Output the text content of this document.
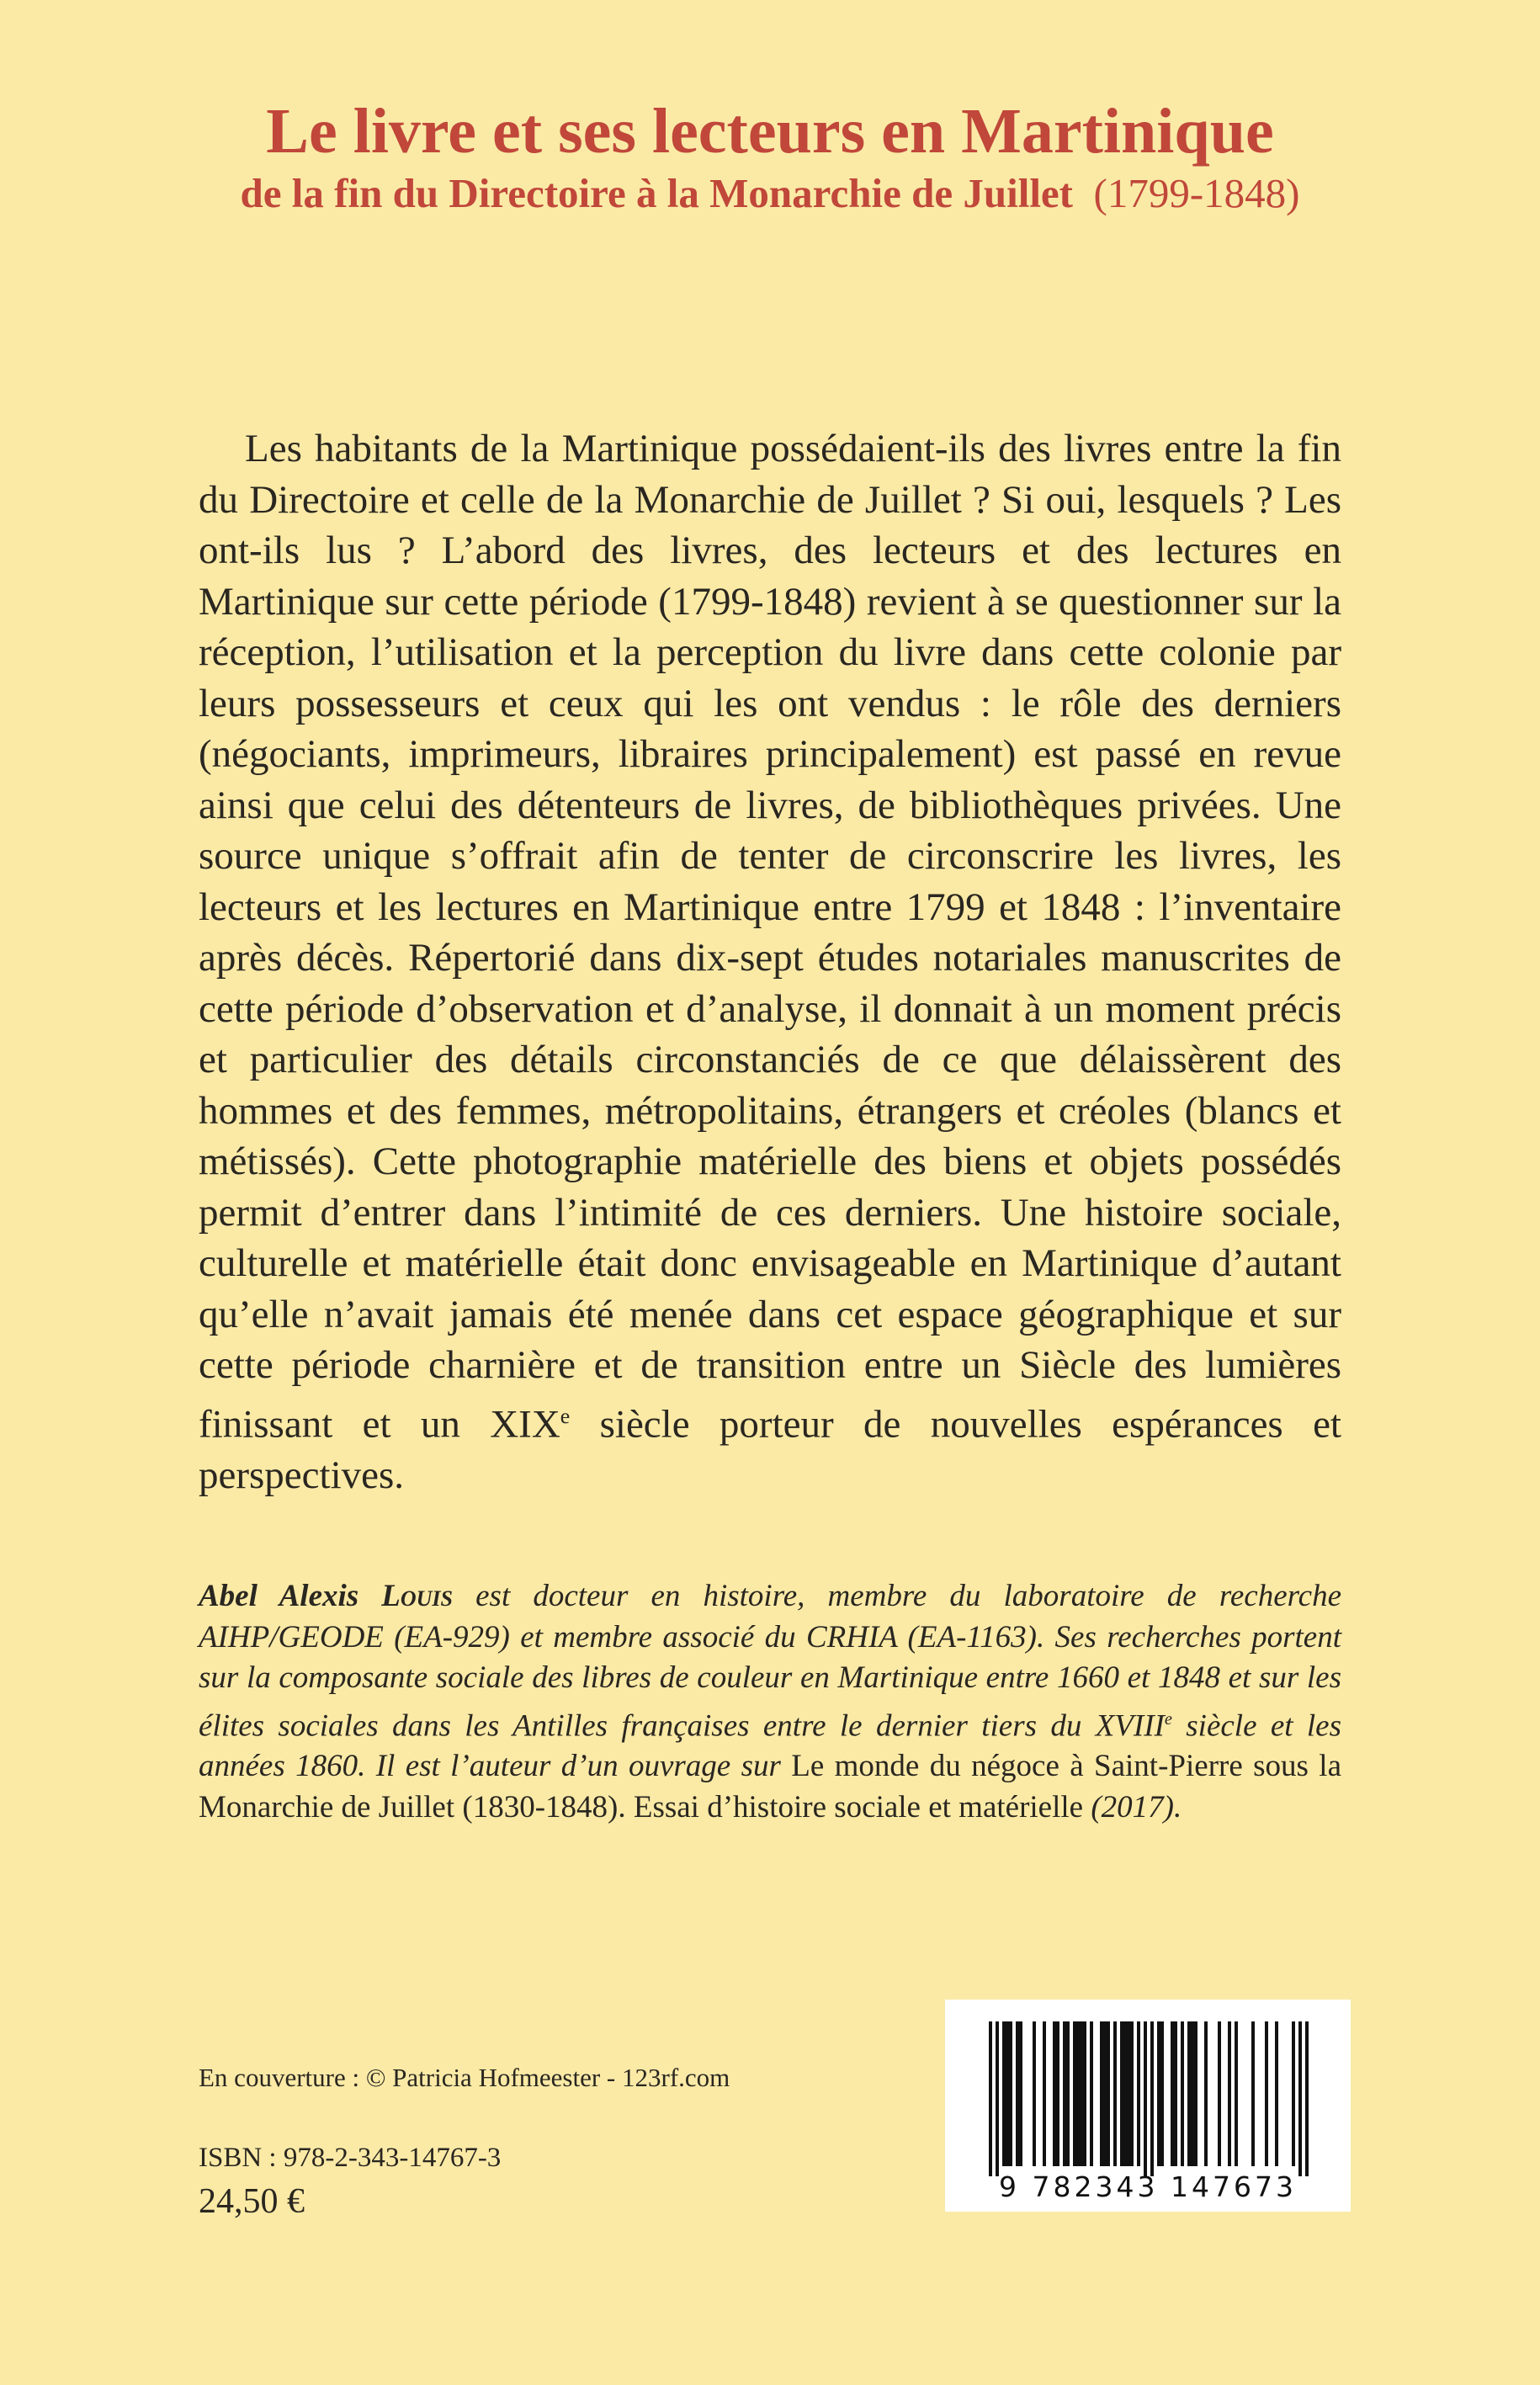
Le livre et ses lecteurs en Martinique
de la fin du Directoire à la Monarchie de Juillet (1799-1848)

Les habitants de la Martinique possédaient-ils des livres entre la fin du Directoire et celle de la Monarchie de Juillet ? Si oui, lesquels ? Les ont-ils lus ? L’abord des livres, des lecteurs et des lectures en Martinique sur cette période (1799-1848) revient à se questionner sur la réception, l’utilisation et la perception du livre dans cette colonie par leurs possesseurs et ceux qui les ont vendus : le rôle des derniers (négociants, imprimeurs, libraires principalement) est passé en revue ainsi que celui des détenteurs de livres, de bibliothèques privées. Une source unique s’offrait afin de tenter de circonscrire les livres, les lecteurs et les lectures en Martinique entre 1799 et 1848 : l’inventaire après décès. Répertorié dans dix-sept études notariales manuscrites de cette période d’observation et d’analyse, il donnait à un moment précis et particulier des détails circonstanciés de ce que délaissèrent des hommes et des femmes, métropolitains, étrangers et créoles (blancs et métissés). Cette photographie matérielle des biens et objets possédés permit d’entrer dans l’intimité de ces derniers. Une histoire sociale, culturelle et matérielle était donc envisageable en Martinique d’autant qu’elle n’avait jamais été menée dans cet espace géographique et sur cette période charnière et de transition entre un Siècle des lumières finissant et un XIXe siècle porteur de nouvelles espérances et perspectives.

Abel Alexis Louis est docteur en histoire, membre du laboratoire de recherche AIHP/GEODE (EA-929) et membre associé du CRHIA (EA-1163). Ses recherches portent sur la composante sociale des libres de couleur en Martinique entre 1660 et 1848 et sur les élites sociales dans les Antilles françaises entre le dernier tiers du XVIIIe siècle et les années 1860. Il est l’auteur d’un ouvrage sur Le monde du négoce à Saint-Pierre sous la Monarchie de Juillet (1830-1848). Essai d’histoire sociale et matérielle (2017).

En couverture : © Patricia Hofmeester - 123rf.com
ISBN : 978-2-343-14767-3
24,50 €	9 782343 147673
